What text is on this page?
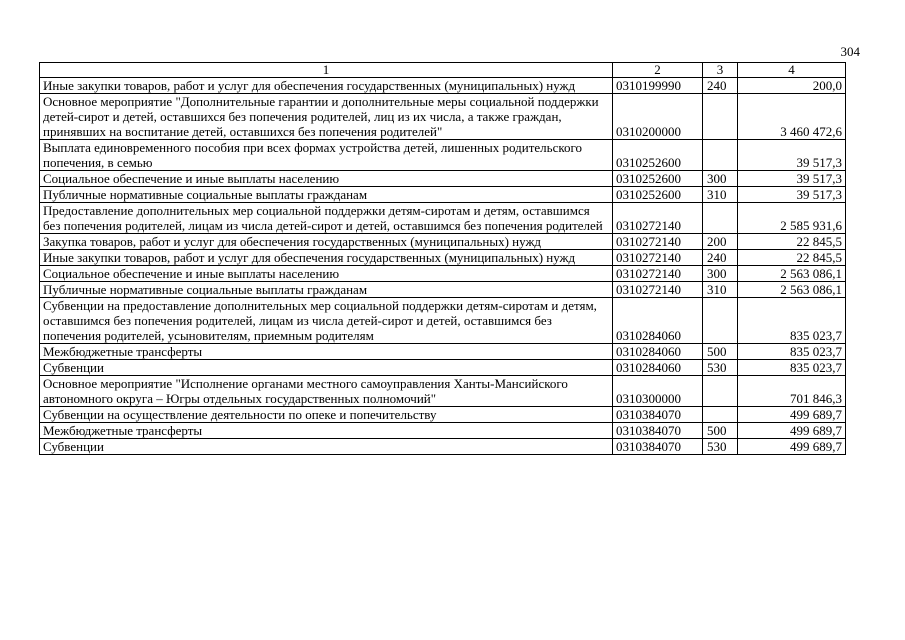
304
1	2	3	4
Иные закупки товаров, работ и услуг для обеспечения государственных (муниципальных) нужд	0310199990	240	200,0
Основное мероприятие "Дополнительные гарантии и дополнительные меры социальной поддержки детей-сирот и детей, оставшихся без попечения родителей, лиц из их числа, а также граждан, принявших на воспитание детей, оставшихся без попечения родителей"	0310200000		3 460 472,6
Выплата единовременного пособия при всех формах устройства детей, лишенных родительского попечения, в семью	0310252600		39 517,3
Социальное обеспечение и иные выплаты населению	0310252600	300	39 517,3
Публичные нормативные социальные выплаты гражданам	0310252600	310	39 517,3
Предоставление дополнительных мер социальной поддержки детям-сиротам и детям, оставшимся без попечения родителей, лицам из числа детей-сирот и детей, оставшимся без попечения родителей	0310272140		2 585 931,6
Закупка товаров, работ и услуг для обеспечения государственных (муниципальных) нужд	0310272140	200	22 845,5
Иные закупки товаров, работ и услуг для обеспечения государственных (муниципальных) нужд	0310272140	240	22 845,5
Социальное обеспечение и иные выплаты населению	0310272140	300	2 563 086,1
Публичные нормативные социальные выплаты гражданам	0310272140	310	2 563 086,1
Субвенции на предоставление дополнительных мер социальной поддержки детям-сиротам и детям, оставшимся без попечения родителей, лицам из числа детей-сирот и детей, оставшимся без попечения родителей, усыновителям, приемным родителям	0310284060		835 023,7
Межбюджетные трансферты	0310284060	500	835 023,7
Субвенции	0310284060	530	835 023,7
Основное мероприятие "Исполнение органами местного самоуправления Ханты-Мансийского автономного округа – Югры отдельных государственных полномочий"	0310300000		701 846,3
Субвенции на осуществление деятельности по опеке и попечительству	0310384070		499 689,7
Межбюджетные трансферты	0310384070	500	499 689,7
Субвенции	0310384070	530	499 689,7
